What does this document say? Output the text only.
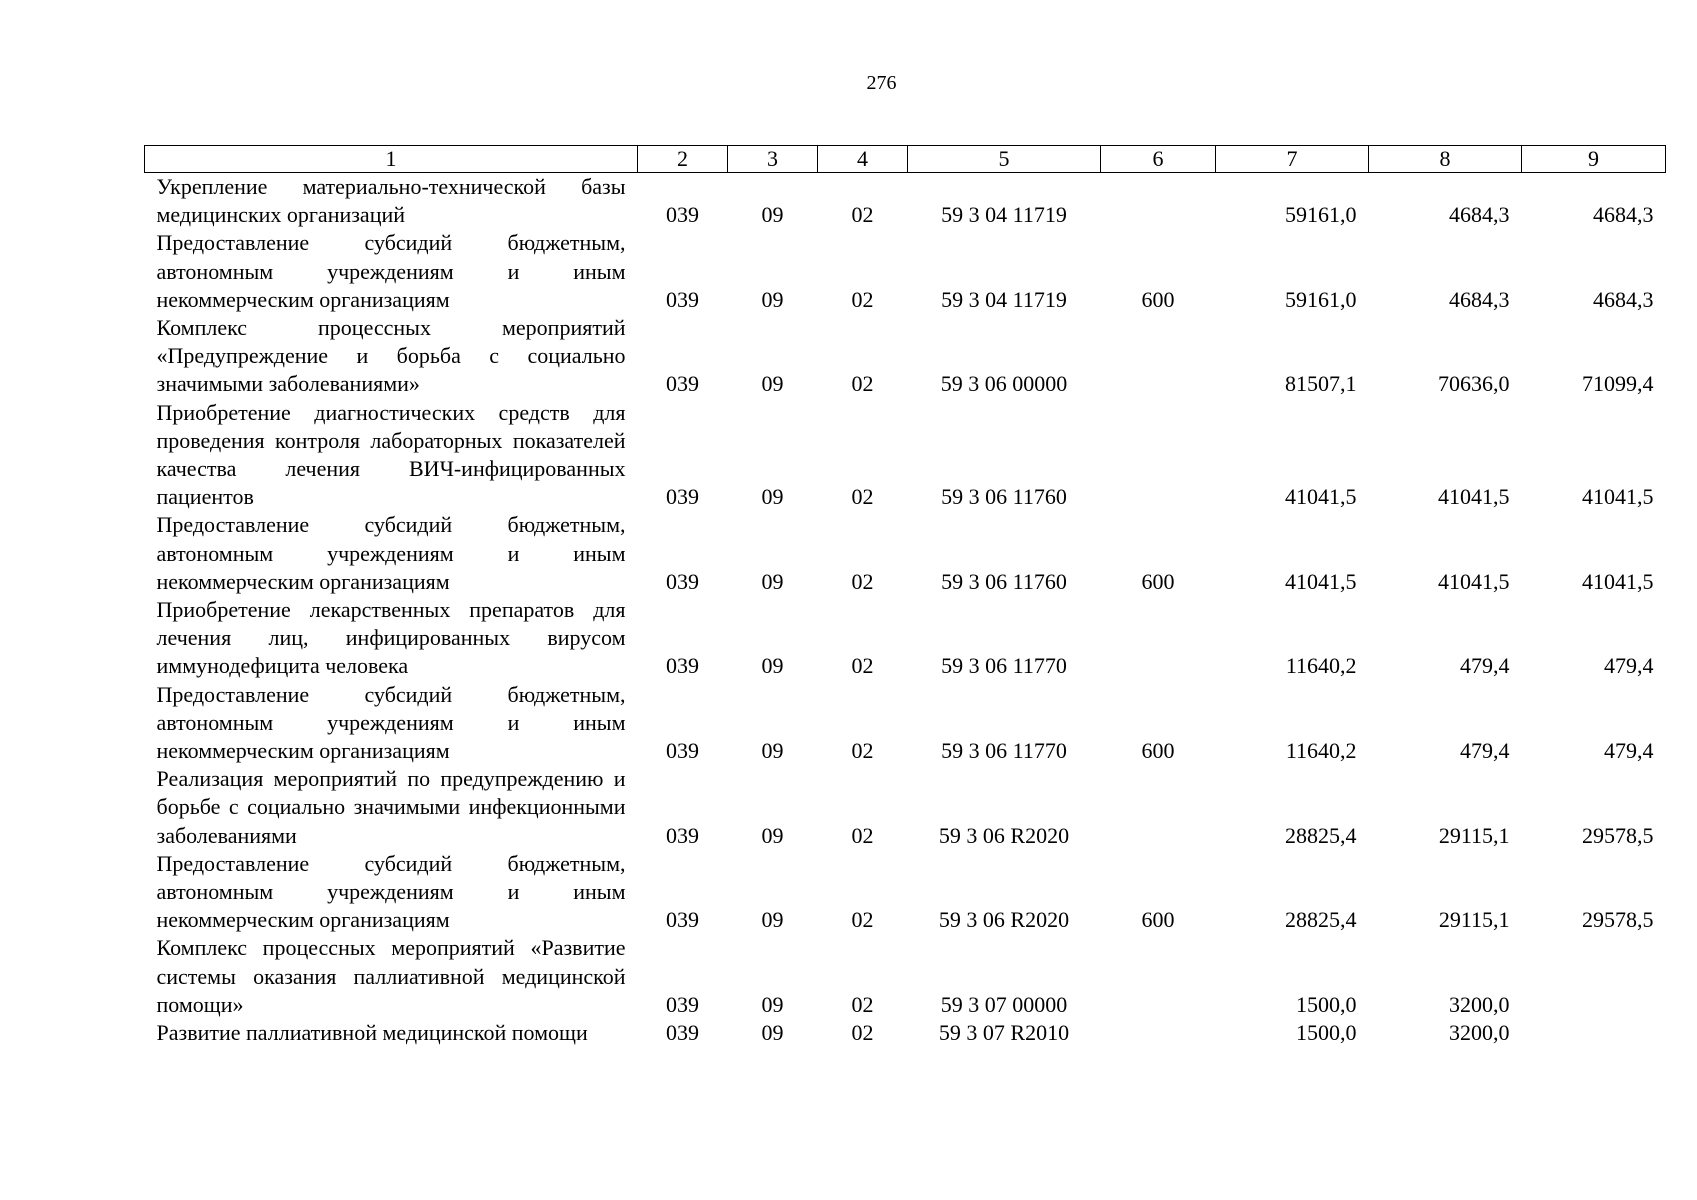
276
1	2	3	4	5	6	7	8	9
Укрепление материально-технической базы медицинских организаций	039	09	02	59 3 04 11719		59161,0	4684,3	4684,3
Предоставление субсидий бюджетным, автономным учреждениям и иным некоммерческим организациям	039	09	02	59 3 04 11719	600	59161,0	4684,3	4684,3
Комплекс процессных мероприятий «Предупреждение и борьба с социально значимыми заболеваниями»	039	09	02	59 3 06 00000		81507,1	70636,0	71099,4
Приобретение диагностических средств для проведения контроля лабораторных показателей качества лечения ВИЧ-инфицированных пациентов	039	09	02	59 3 06 11760		41041,5	41041,5	41041,5
Предоставление субсидий бюджетным, автономным учреждениям и иным некоммерческим организациям	039	09	02	59 3 06 11760	600	41041,5	41041,5	41041,5
Приобретение лекарственных препаратов для лечения лиц, инфицированных вирусом иммунодефицита человека	039	09	02	59 3 06 11770		11640,2	479,4	479,4
Предоставление субсидий бюджетным, автономным учреждениям и иным некоммерческим организациям	039	09	02	59 3 06 11770	600	11640,2	479,4	479,4
Реализация мероприятий по предупреждению и борьбе с социально значимыми инфекционными заболеваниями	039	09	02	59 3 06 R2020		28825,4	29115,1	29578,5
Предоставление субсидий бюджетным, автономным учреждениям и иным некоммерческим организациям	039	09	02	59 3 06 R2020	600	28825,4	29115,1	29578,5
Комплекс процессных мероприятий «Развитие системы оказания паллиативной медицинской помощи»	039	09	02	59 3 07 00000		1500,0	3200,0	
Развитие паллиативной медицинской помощи	039	09	02	59 3 07 R2010		1500,0	3200,0	
